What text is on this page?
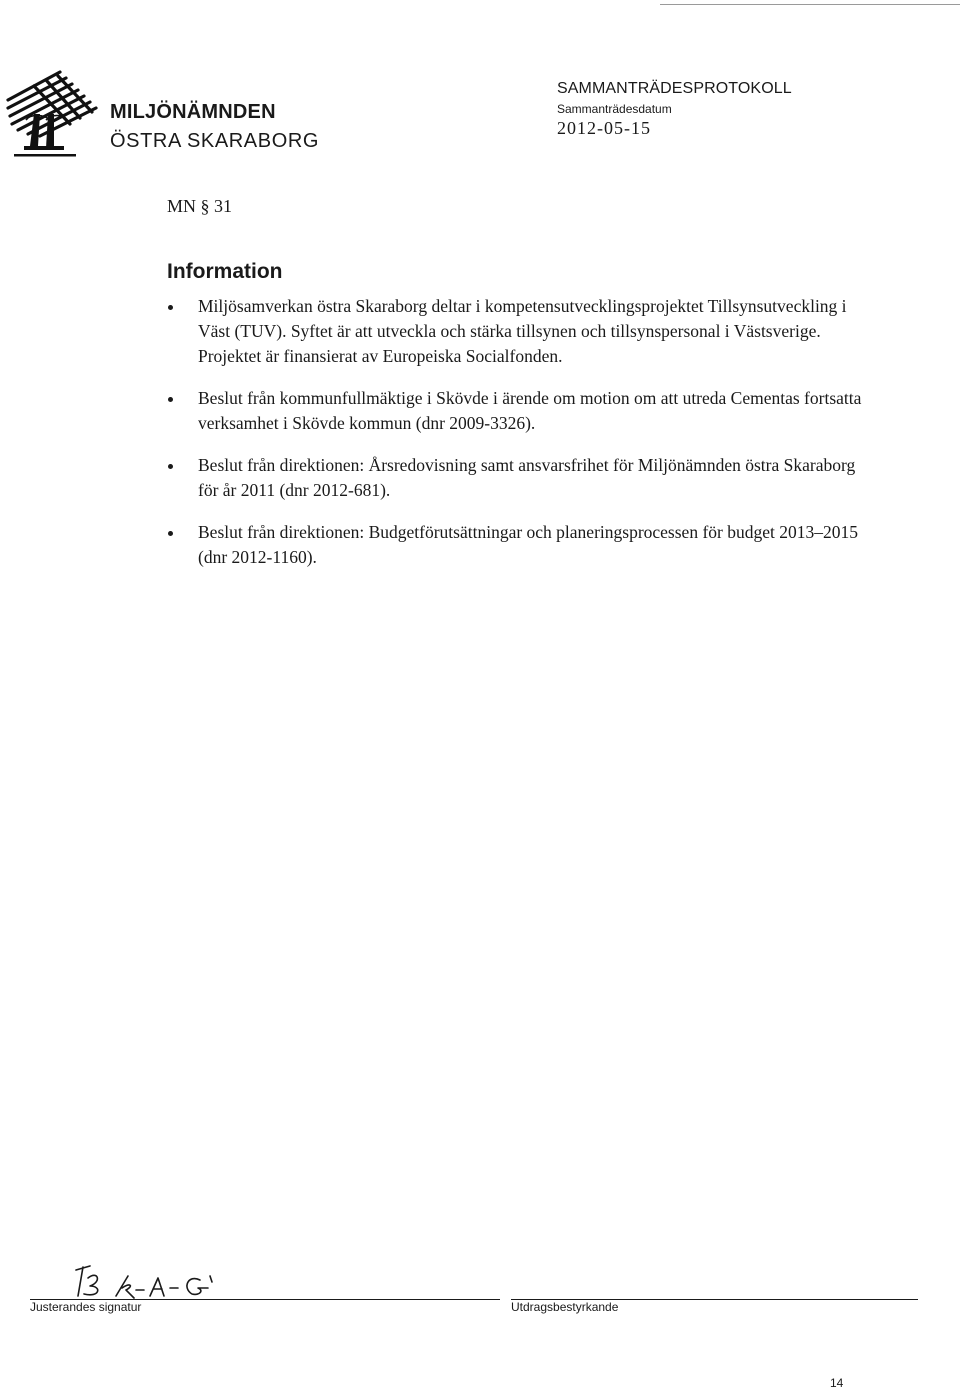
MILJÖNÄMNDEN
ÖSTRA SKARABORG
SAMMANTRÄDESPROTOKOLL
Sammanträdesdatum
2012-05-15
MN § 31
Information
Miljösamverkan östra Skaraborg deltar i kompetensutvecklingsprojektet Tillsynsutveckling i Väst (TUV). Syftet är att utveckla och stärka tillsynen och tillsynspersonal i Västsverige. Projektet är finansierat av Europeiska Socialfonden.
Beslut från kommunfullmäktige i Skövde i ärende om motion om att utreda Cementas fortsatta verksamhet i Skövde kommun (dnr 2009-3326).
Beslut från direktionen: Årsredovisning samt ansvarsfrihet för Miljönämnden östra Skaraborg för år 2011 (dnr 2012-681).
Beslut från direktionen: Budgetförutsättningar och planeringsprocessen för budget 2013–2015 (dnr 2012-1160).
Justerandes signatur	Utdragsbestyrkande
14
